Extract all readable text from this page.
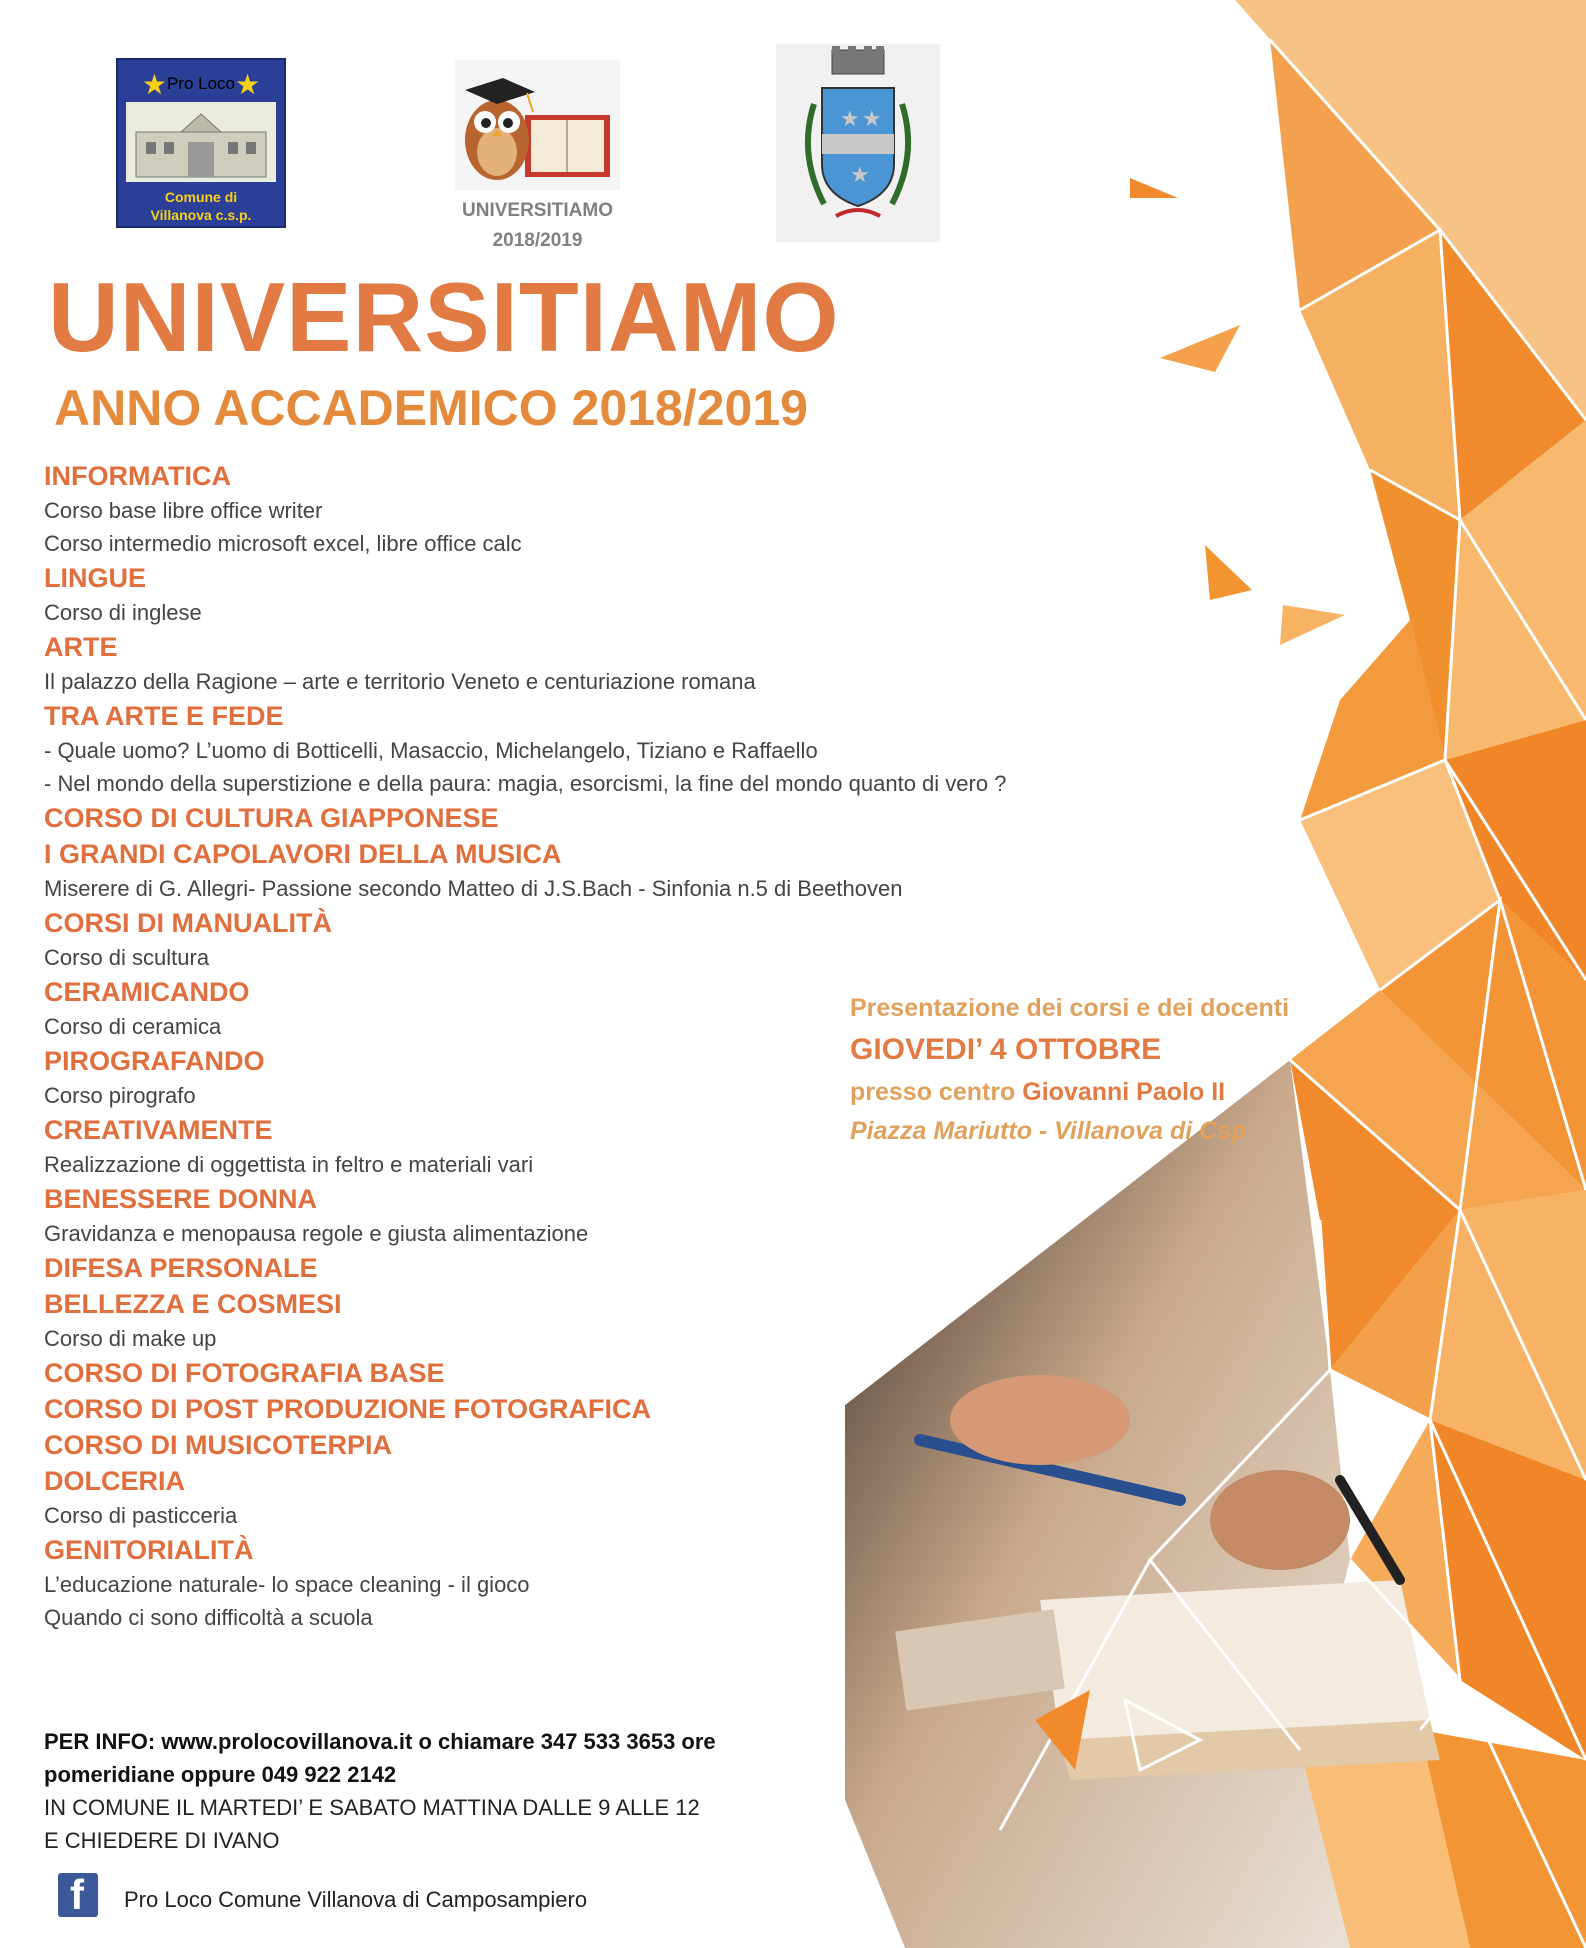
★Pro Loco★
Comune di
Villanova c.s.p.	UNIVERSITIAMO
2018/2019
★ ★
★
UNIVERSITIAMO
ANNO ACCADEMICO 2018/2019
INFORMATICA
Corso base libre office writer
Corso intermedio microsoft excel, libre office calc
LINGUE
Corso di inglese
ARTE
Il palazzo della Ragione – arte e territorio Veneto e centuriazione romana
TRA ARTE E FEDE
- Quale uomo? L’uomo di Botticelli, Masaccio, Michelangelo, Tiziano e Raffaello
- Nel mondo della superstizione e della paura: magia, esorcismi, la fine del mondo quanto di vero ?
CORSO DI CULTURA GIAPPONESE
I GRANDI CAPOLAVORI DELLA MUSICA
Miserere di G. Allegri- Passione secondo Matteo di J.S.Bach - Sinfonia n.5 di Beethoven
CORSI DI MANUALITÀ
Corso di scultura
CERAMICANDO
Corso di ceramica
PIROGRAFANDO
Corso pirografo
CREATIVAMENTE
Realizzazione di oggettista in feltro e materiali vari
BENESSERE DONNA
Gravidanza e menopausa regole e giusta alimentazione
DIFESA PERSONALE
BELLEZZA E COSMESI
Corso di make up
CORSO DI FOTOGRAFIA BASE
CORSO DI POST PRODUZIONE FOTOGRAFICA
CORSO DI MUSICOTERPIA
DOLCERIA
Corso di pasticceria
GENITORIALITÀ
L’educazione naturale- lo space cleaning - il gioco
Quando ci sono difficoltà a scuola
Presentazione dei corsi e dei docenti
GIOVEDI’ 4 OTTOBRE
presso centro Giovanni Paolo II
Piazza Mariutto - Villanova di Csp
PER INFO: www.prolocovillanova.it o chiamare 347 533 3653 ore
pomeridiane oppure 049 922 2142
IN COMUNE IL MARTEDI’ E SABATO MATTINA DALLE 9 ALLE 12
E CHIEDERE DI IVANO
f Pro Loco Comune Villanova di Camposampiero
